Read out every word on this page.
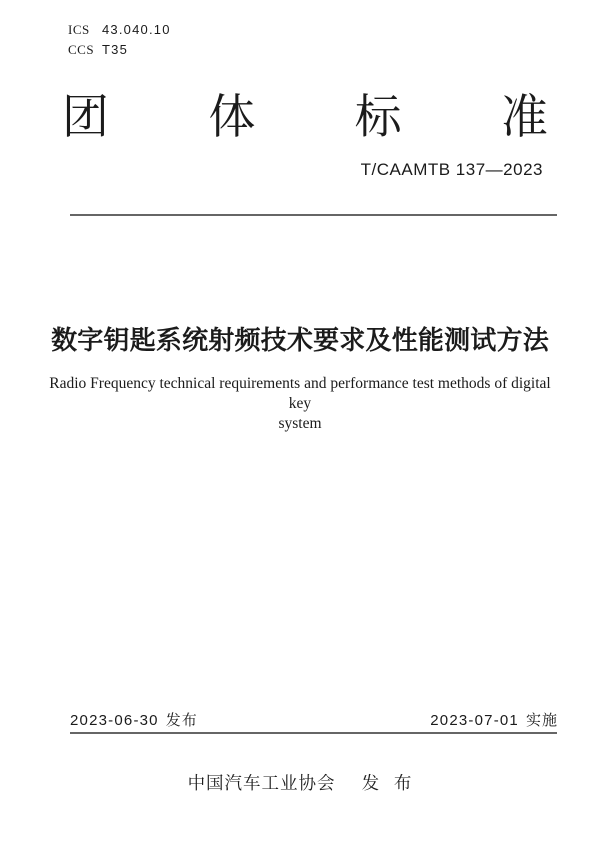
ICS 43.040.10
CCS T35
团 体 标 准
T/CAAMTB 137—2023
数字钥匙系统射频技术要求及性能测试方法
Radio Frequency technical requirements and performance test methods of digital key
system
2023-06-30 发布	2023-07-01 实施
中国汽车工业协会 发 布
